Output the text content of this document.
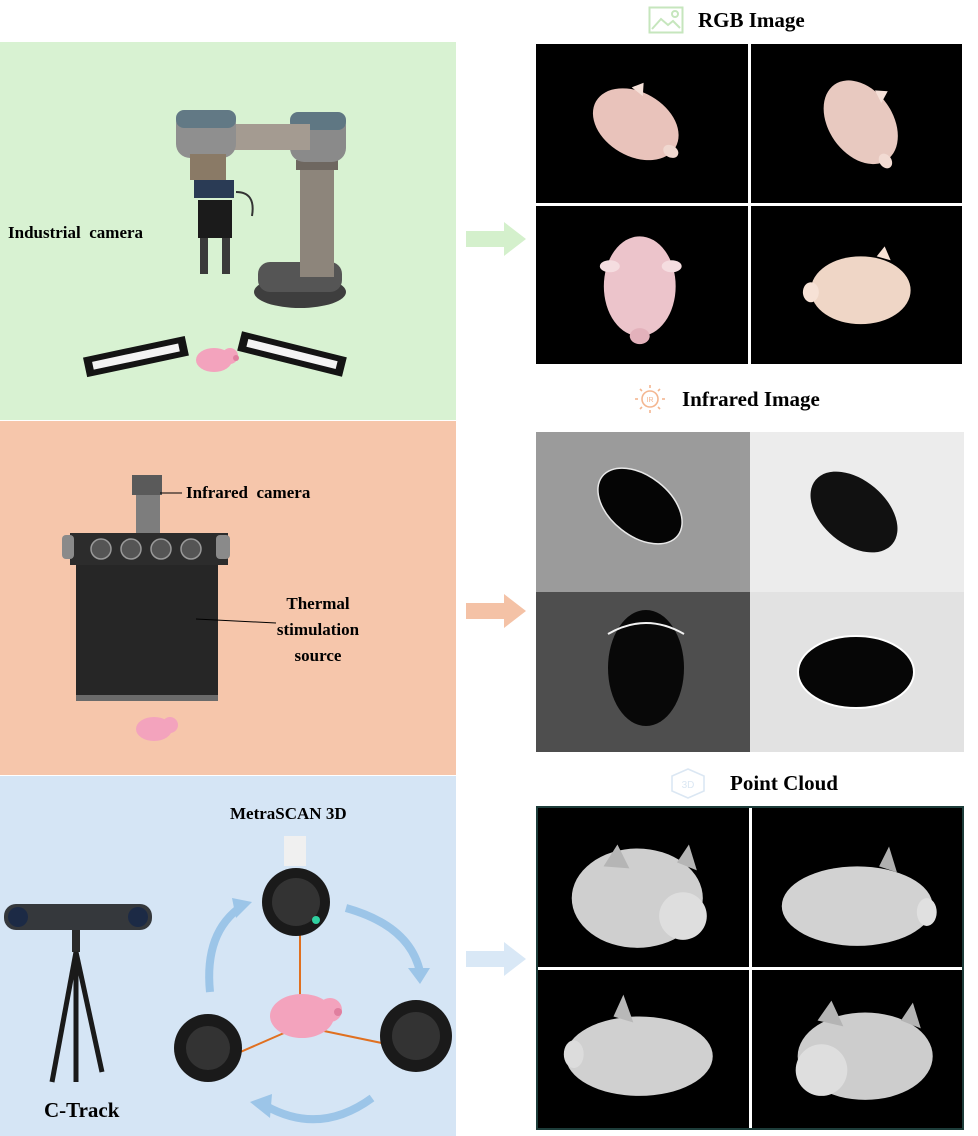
Industrial  camera
Infrared  camera
Thermal
stimulation
source
MetraSCAN 3D
C-Track
RGB Image
IR Infrared Image
3D Point Cloud
